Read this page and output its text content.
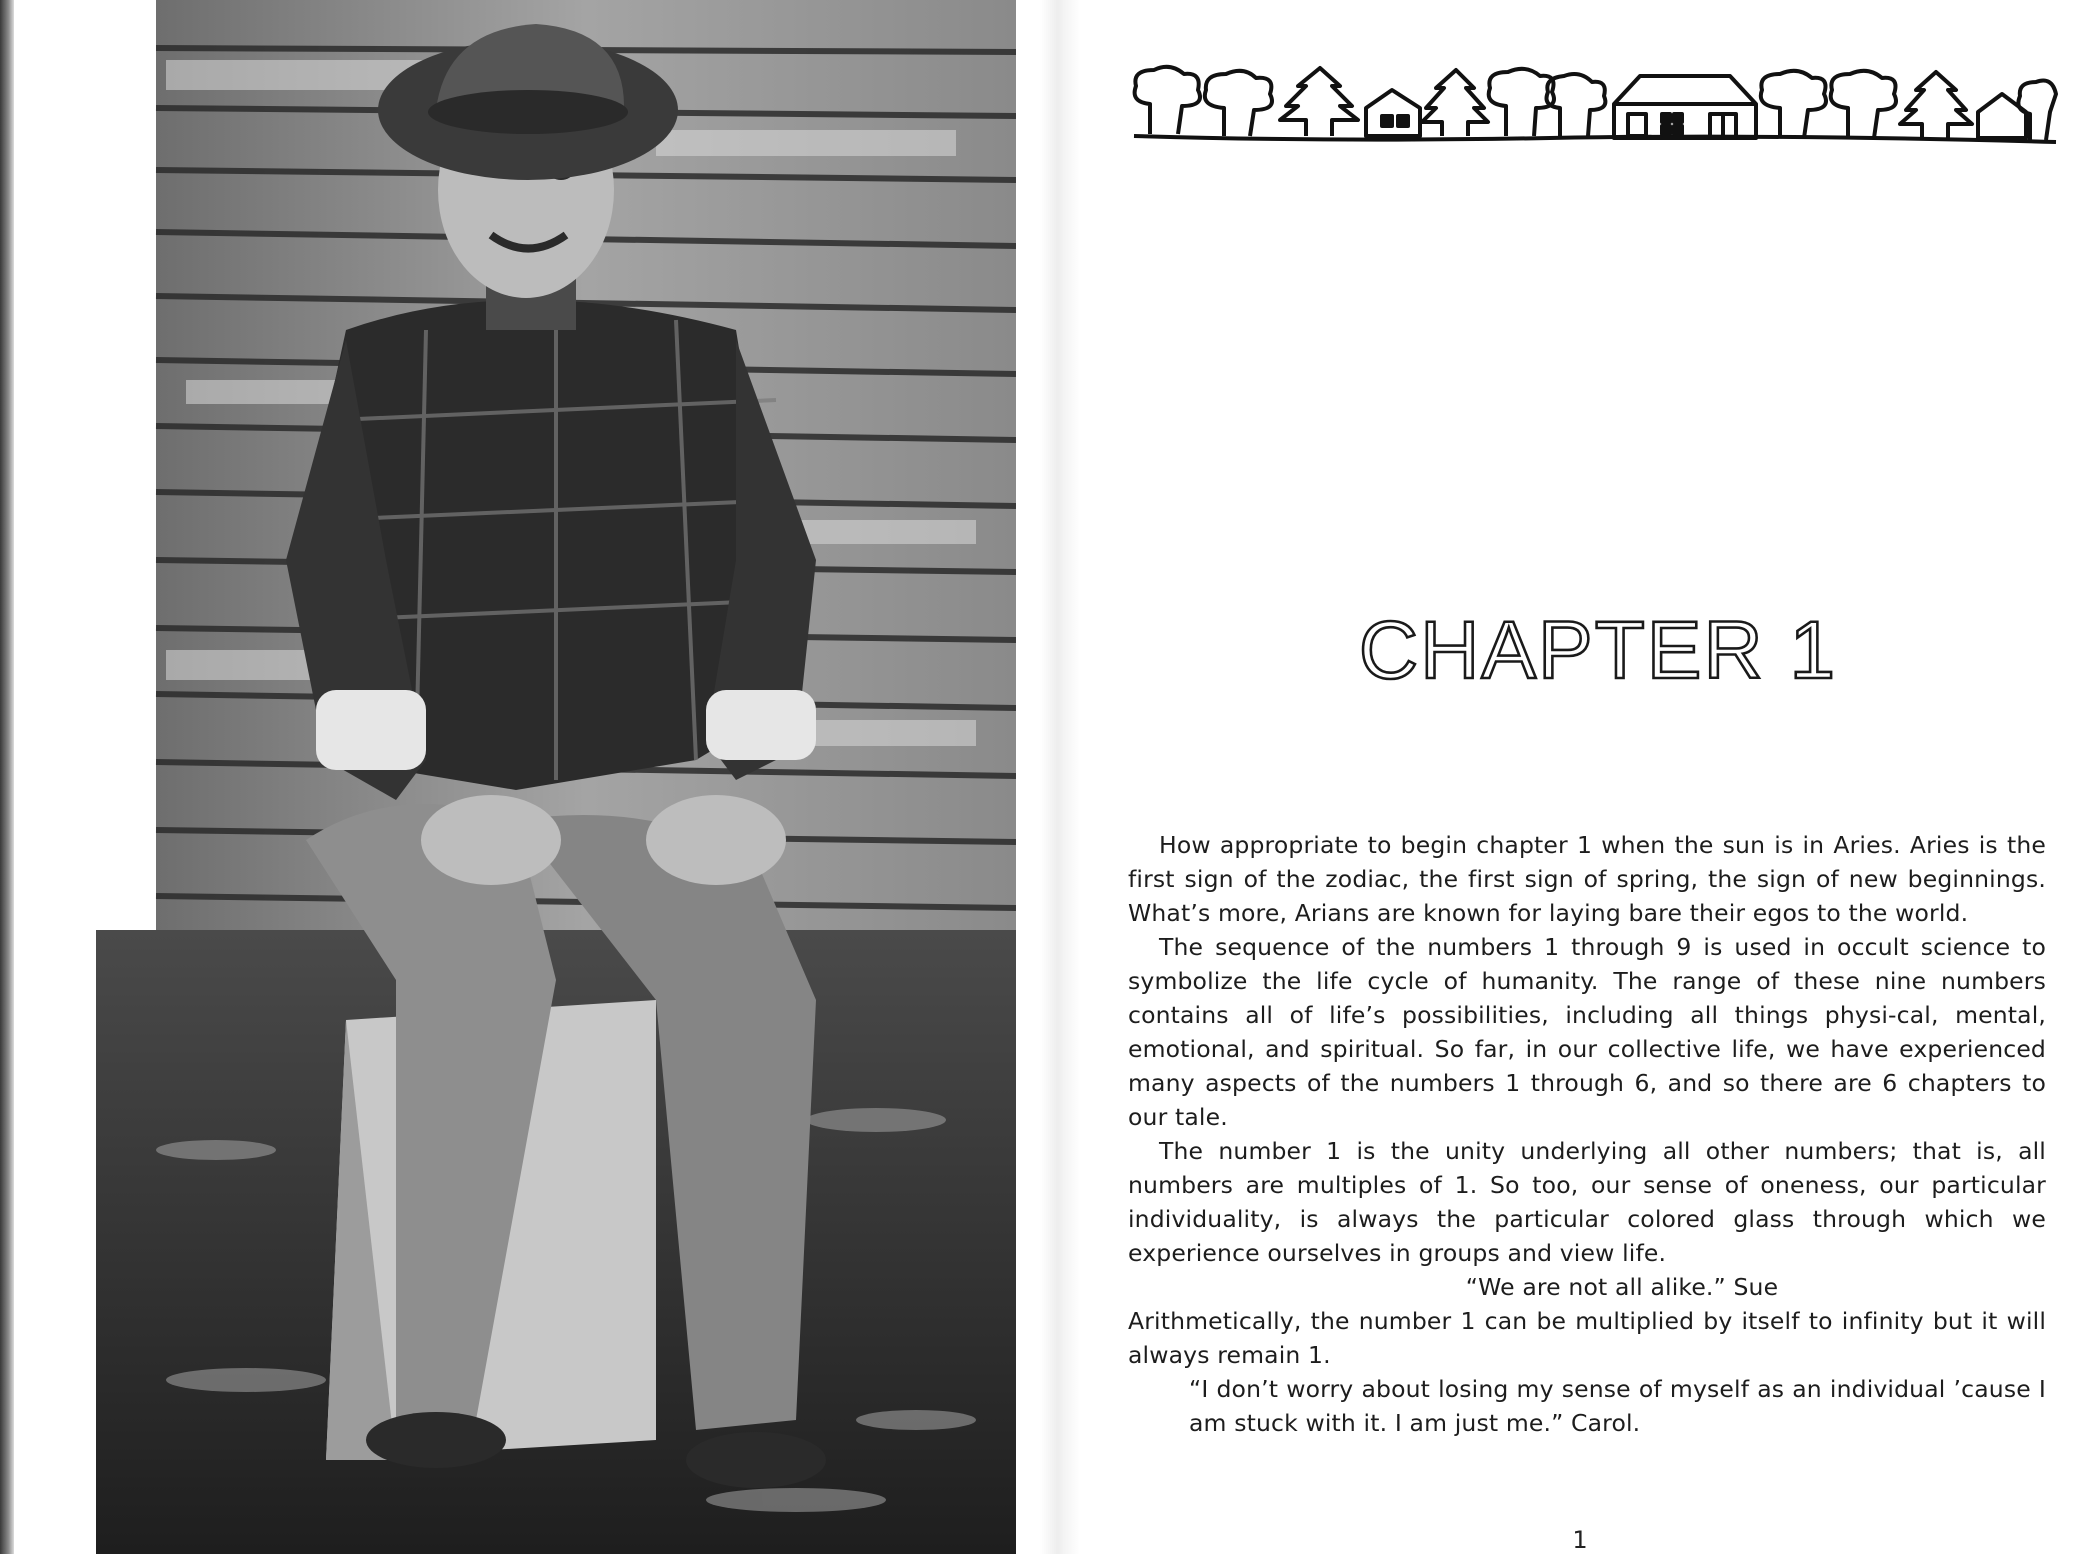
CHAPTER 1

How appropriate to begin chapter 1 when the sun is in Aries. Aries is the first sign of the zodiac, the first sign of spring, the sign of new beginnings. What’s more, Arians are known for laying bare their egos to the world.

The sequence of the numbers 1 through 9 is used in occult science to symbolize the life cycle of humanity. The range of these nine numbers contains all of life’s possibilities, including all things physi-cal, mental, emotional, and spiritual. So far, in our collective life, we have experienced many aspects of the numbers 1 through 6, and so there are 6 chapters to our tale.

The number 1 is the unity underlying all other numbers; that is, all numbers are multiples of 1. So too, our sense of oneness, our particular individuality, is always the particular colored glass through which we experience ourselves in groups and view life.

“We are not all alike.” Sue

Arithmetically, the number 1 can be multiplied by itself to infinity but it will always remain 1.

“I don’t worry about losing my sense of myself as an individual ’cause I am stuck with it. I am just me.” Carol.

1
